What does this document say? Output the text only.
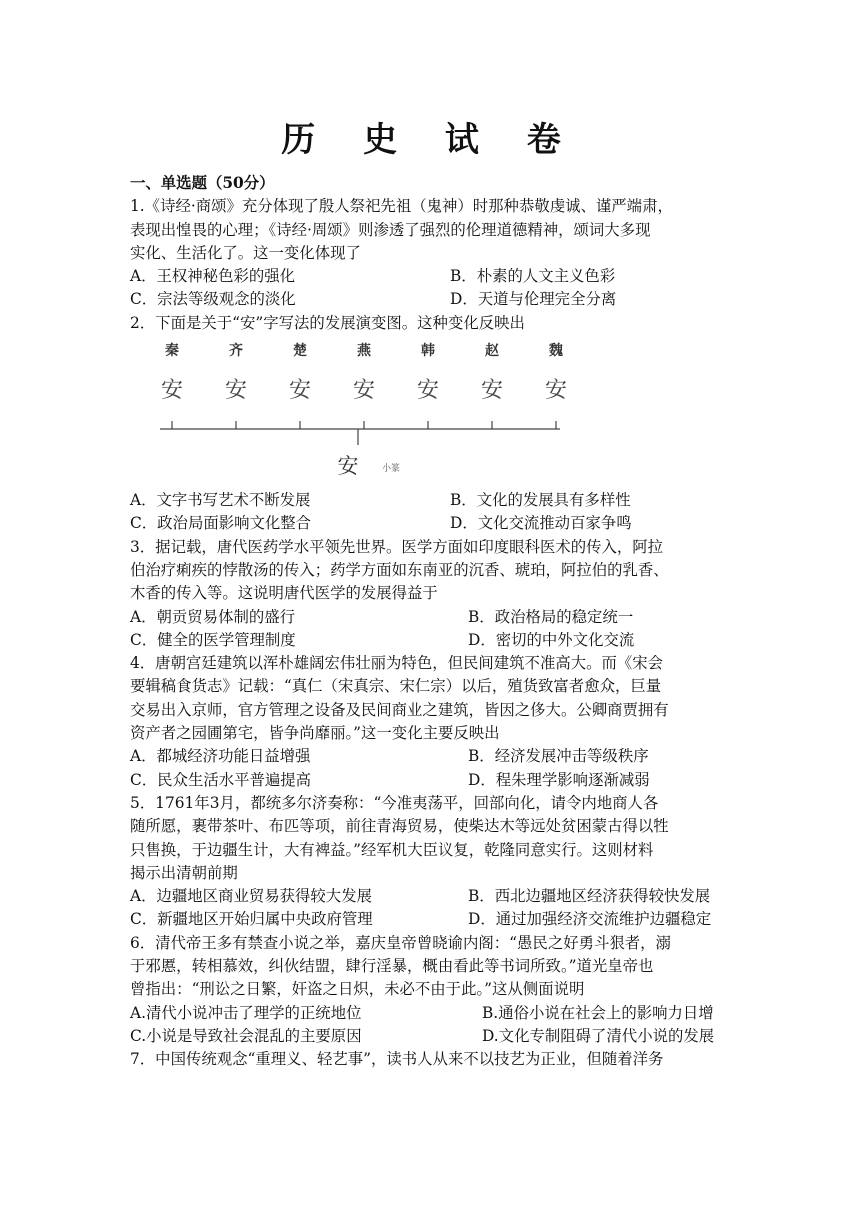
历 史 试 卷
一、单选题（50分）
1.《诗经·商颂》充分体现了殷人祭祀先祖（鬼神）时那种恭敬虔诚、谨严端肃，
表现出惶畏的心理；《诗经·周颂》则渗透了强烈的伦理道德精神，颂词大多现
实化、生活化了。这一变化体现了
A．王权神秘色彩的强化	B．朴素的人文主义色彩
C．宗法等级观念的淡化	D．天道与伦理完全分离
2．下面是关于“安”字写法的发展演变图。这种变化反映出
秦	齐	楚	燕	韩	赵	魏
安 安 安 安 安 安 安
安	小篆
A．文字书写艺术不断发展	B．文化的发展具有多样性
C．政治局面影响文化整合	D．文化交流推动百家争鸣
3．据记载，唐代医药学水平领先世界。医学方面如印度眼科医术的传入，阿拉
伯治疗痢疾的悖散汤的传入；药学方面如东南亚的沉香、琥珀，阿拉伯的乳香、
木香的传入等。这说明唐代医学的发展得益于
A．朝贡贸易体制的盛行	B．政治格局的稳定统一
C．健全的医学管理制度	D．密切的中外文化交流
4．唐朝宫廷建筑以浑朴雄阔宏伟壮丽为特色，但民间建筑不准高大。而《宋会
要辑稿食货志》记载：“真仁（宋真宗、宋仁宗）以后，殖货致富者愈众，巨量
交易出入京师，官方管理之设备及民间商业之建筑，皆因之侈大。公卿商贾拥有
资产者之园圃第宅，皆争尚靡丽。”这一变化主要反映出
A．都城经济功能日益增强	B．经济发展冲击等级秩序
C．民众生活水平普遍提高	D．程朱理学影响逐渐减弱
5．1761年3月，都统多尔济奏称：“今准夷荡平，回部向化，请令内地商人各
随所愿，裹带茶叶、布匹等项，前往青海贸易，使柴达木等远处贫困蒙古得以牲
只售换，于边疆生计，大有裨益。”经军机大臣议复，乾隆同意实行。这则材料
揭示出清朝前期
A．边疆地区商业贸易获得较大发展	B．西北边疆地区经济获得较快发展
C．新疆地区开始归属中央政府管理	D．通过加强经济交流维护边疆稳定
6．清代帝王多有禁查小说之举，嘉庆皇帝曾晓谕内阁：“愚民之好勇斗狠者，溺
于邪慝，转相慕效，纠伙结盟，肆行淫暴，概由看此等书词所致。”道光皇帝也
曾指出：“刑讼之日繁，奸盗之日炽，未必不由于此。”这从侧面说明
A.清代小说冲击了理学的正统地位	B.通俗小说在社会上的影响力日增
C.小说是导致社会混乱的主要原因	D.文化专制阻碍了清代小说的发展
7．中国传统观念“重理义、轻艺事”，读书人从来不以技艺为正业，但随着洋务
